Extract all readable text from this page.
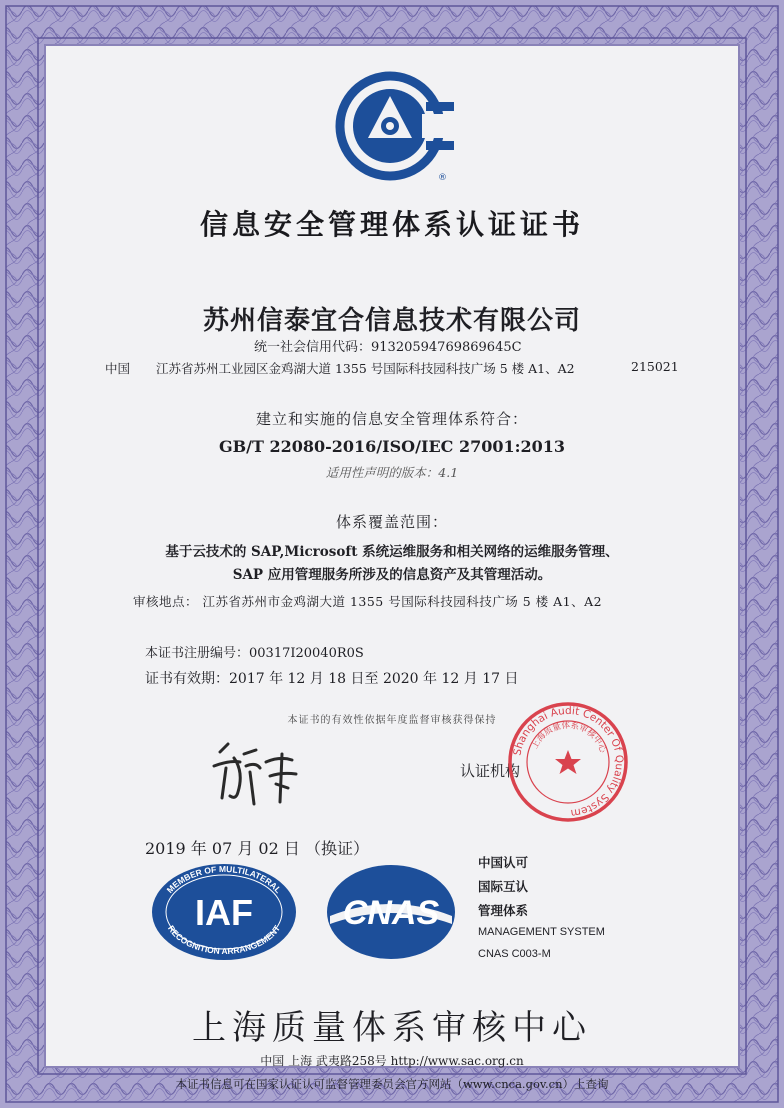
®
信息安全管理体系认证证书
苏州信泰宜合信息技术有限公司
统一社会信用代码：91320594769869645C
中国 江苏省苏州工业园区金鸡湖大道 1355 号国际科技园科技广场 5 楼 A1、A2	215021
建立和实施的信息安全管理体系符合：
GB/T 22080-2016/ISO/IEC 27001:2013
适用性声明的版本：4.1
体系覆盖范围：
基于云技术的 SAP,Microsoft 系统运维服务和相关网络的运维服务管理、
SAP 应用管理服务所涉及的信息资产及其管理活动。
审核地点： 江苏省苏州市金鸡湖大道 1355 号国际科技园科技广场 5 楼 A1、A2
本证书注册编号：00317I20040R0S
证书有效期：2017 年 12 月 18 日至 2020 年 12 月 17 日
本证书的有效性依据年度监督审核获得保持
谭平
认证机构
Shanghai Audit Center Of Quality System
上海质量体系审核中心
2019 年 07 月 02 日 （换证）
MEMBER OF MULTILATERAL
RECOGNITION ARRANGEMENT
IAF	CNAS
中国认可
国际互认
管理体系
MANAGEMENT SYSTEM
CNAS C003-M
上海质量体系审核中心
中国 上海 武夷路258号 http://www.sac.org.cn
本证书信息可在国家认证认可监督管理委员会官方网站（www.cnca.gov.cn）上查询
